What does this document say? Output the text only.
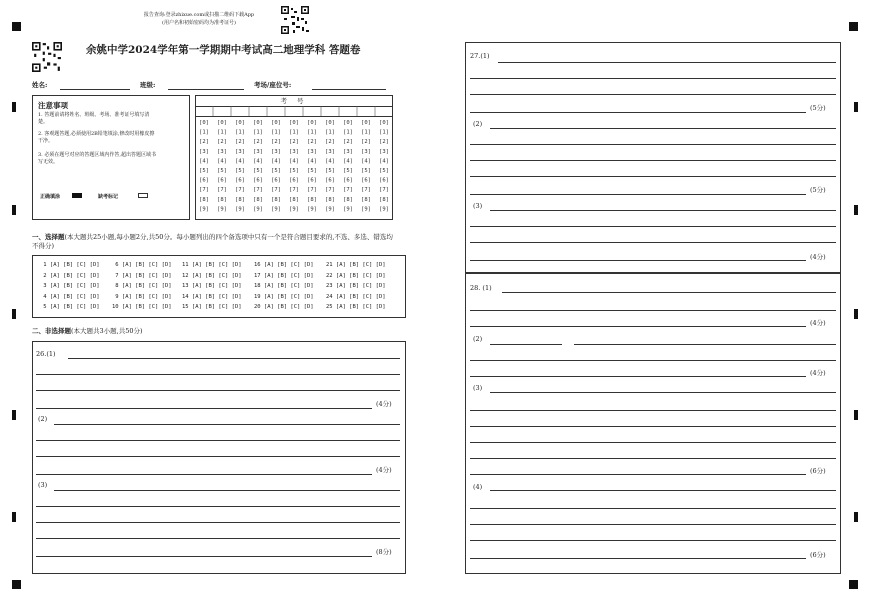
报告查询:登录zhixue.com或扫描二维码下载App
(用户名和初始密码均为准考证号)
余姚中学2024学年第一学期期中考试高二地理学科 答题卷
姓名:	班级:	考场/座位号:
注意事项
1. 答题前请将姓名、班级、考场、准考证号填写清楚。
2. 客观题答题,必须使用2B铅笔填涂,修改时用橡皮擦干净。
3. 必须在题号对应的答题区域内作答,超出答题区域书写无效。
正确填涂	缺考标记
考 号
[0] [0] [0] [0] [0] [0] [0] [0] [0] [0] [0]
[1] [1] [1] [1] [1] [1] [1] [1] [1] [1] [1]
[2] [2] [2] [2] [2] [2] [2] [2] [2] [2] [2]
[3] [3] [3] [3] [3] [3] [3] [3] [3] [3] [3]
[4] [4] [4] [4] [4] [4] [4] [4] [4] [4] [4]
[5] [5] [5] [5] [5] [5] [5] [5] [5] [5] [5]
[6] [6] [6] [6] [6] [6] [6] [6] [6] [6] [6]
[7] [7] [7] [7] [7] [7] [7] [7] [7] [7] [7]
[8] [8] [8] [8] [8] [8] [8] [8] [8] [8] [8]
[9] [9] [9] [9] [9] [9] [9] [9] [9] [9] [9]
一、选择题(本大题共25小题,每小题2分,共50分。每小题列出的四个备选项中只有一个是符合题目要求的,不选、多选、错选均不得分)
1 [A] [B] [C] [D]
2 [A] [B] [C] [D]
3 [A] [B] [C] [D]
4 [A] [B] [C] [D]
5 [A] [B] [C] [D]
6 [A] [B] [C] [D]
7 [A] [B] [C] [D]
8 [A] [B] [C] [D]
9 [A] [B] [C] [D]
10 [A] [B] [C] [D]
11 [A] [B] [C] [D]
12 [A] [B] [C] [D]
13 [A] [B] [C] [D]
14 [A] [B] [C] [D]
15 [A] [B] [C] [D]
16 [A] [B] [C] [D]
17 [A] [B] [C] [D]
18 [A] [B] [C] [D]
19 [A] [B] [C] [D]
20 [A] [B] [C] [D]
21 [A] [B] [C] [D]
22 [A] [B] [C] [D]
23 [A] [B] [C] [D]
24 [A] [B] [C] [D]
25 [A] [B] [C] [D]
二、非选择题(本大题共3小题,共50分)
26.(1)
(2)
(3)
(4分)
(4分)
(8分)
27.(1)
(2)
(3)
(5分)
(5分)
(4分)
28. (1)
(2)
(3)
(4)
(4分)
(4分)
(6分)
(6分)
